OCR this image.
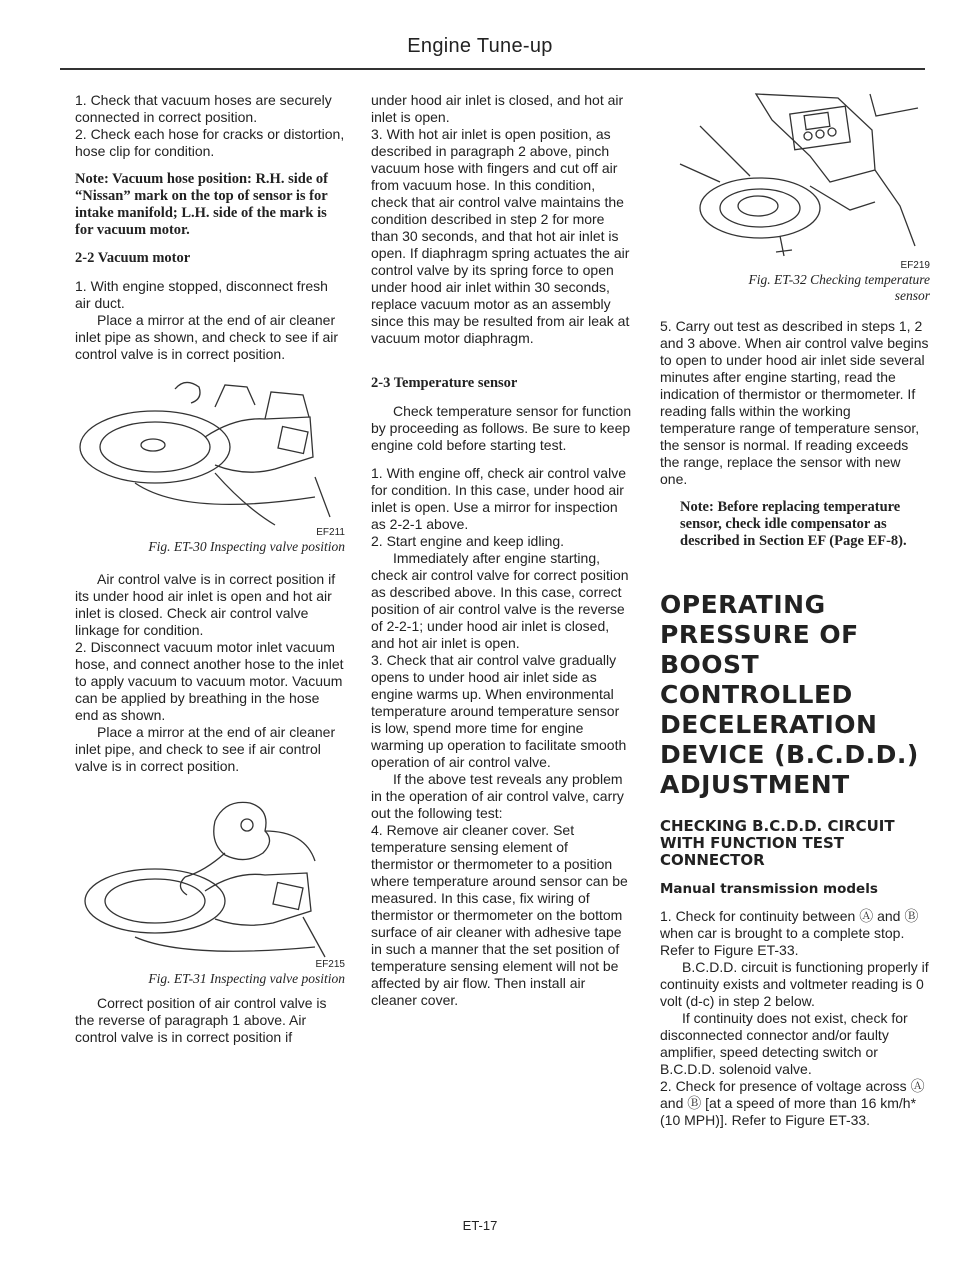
Engine Tune-up

1. Check that vacuum hoses are securely connected in correct position.

2. Check each hose for cracks or distortion, hose clip for condition.

Note: Vacuum hose position: R.H. side of “Nissan” mark on the top of sensor is for intake manifold; L.H. side of the mark is for vacuum motor.

2-2 Vacuum motor

1. With engine stopped, disconnect fresh air duct.

Place a mirror at the end of air cleaner inlet pipe as shown, and check to see if air control valve is in correct position.

EF211
Fig. ET-30 Inspecting valve position

Air control valve is in correct position if its under hood air inlet is open and hot air inlet is closed. Check air control valve linkage for condition.

2. Disconnect vacuum motor inlet vacuum hose, and connect another hose to the inlet to apply vacuum to vacuum motor. Vacuum can be applied by breathing in the hose end as shown.

Place a mirror at the end of air cleaner inlet pipe, and check to see if air control valve is in correct position.

EF215
Fig. ET-31 Inspecting valve position

Correct position of air control valve is the reverse of paragraph 1 above. Air control valve is in correct position if

under hood air inlet is closed, and hot air inlet is open.

3. With hot air inlet is open position, as described in paragraph 2 above, pinch vacuum hose with fingers and cut off air from vacuum hose. In this condition, check that air control valve maintains the condition described in step 2 for more than 30 seconds, and that hot air inlet is open. If diaphragm spring actuates the air control valve by its spring force to open under hood air inlet within 30 seconds, replace vacuum motor as an assembly since this may be resulted from air leak at vacuum motor diaphragm.

2-3 Temperature sensor

Check temperature sensor for function by proceeding as follows. Be sure to keep engine cold before starting test.

1. With engine off, check air control valve for condition. In this case, under hood air inlet is open. Use a mirror for inspection as 2-2-1 above.

2. Start engine and keep idling.

Immediately after engine starting, check air control valve for correct position as described above. In this case, correct position of air control valve is the reverse of 2-2-1; under hood air inlet is closed, and hot air inlet is open.

3. Check that air control valve gradually opens to under hood air inlet side as engine warms up. When environmental temperature around temperature sensor is low, spend more time for engine warming up operation to facilitate smooth operation of air control valve.

If the above test reveals any problem in the operation of air control valve, carry out the following test:

4. Remove air cleaner cover. Set temperature sensing element of thermistor or thermometer to a position where temperature around sensor can be measured. In this case, fix wiring of thermistor or thermometer on the bottom surface of air cleaner with adhesive tape in such a manner that the set position of temperature sensing element will not be affected by air flow. Then install air cleaner cover.

EF219
Fig. ET-32 Checking temperature
sensor

5. Carry out test as described in steps 1, 2 and 3 above. When air control valve begins to open to under hood air inlet side several minutes after engine starting, read the indication of thermistor or thermometer. If reading falls within the working temperature range of temperature sensor, the sensor is normal. If reading exceeds the range, replace the sensor with new one.

Note: Before replacing temperature sensor, check idle compensator as described in Section EF (Page EF-8).

OPERATING PRESSURE OF BOOST CONTROLLED DECELERATION DEVICE (B.C.D.D.) ADJUSTMENT

CHECKING B.C.D.D. CIRCUIT WITH FUNCTION TEST CONNECTOR

Manual transmission models

1. Check for continuity between Ⓐ and Ⓑ when car is brought to a complete stop. Refer to Figure ET-33.

B.C.D.D. circuit is functioning properly if continuity exists and voltmeter reading is 0 volt (d-c) in step 2 below.

If continuity does not exist, check for disconnected connector and/or faulty amplifier, speed detecting switch or B.C.D.D. solenoid valve.

2. Check for presence of voltage across Ⓐ and Ⓑ [at a speed of more than 16 km/h* (10 MPH)]. Refer to Figure ET-33.

ET-17
